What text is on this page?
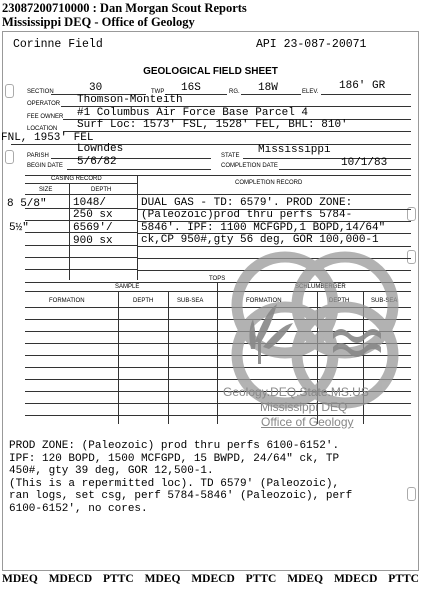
23087200710000 : Dan Morgan Scout Reports
Mississippi DEQ - Office of Geology
Corinne Field	API 23-087-20071
GEOLOGICAL FIELD SHEET
SECTION	30	TWP 16S	RG. 18W	ELEV. 186' GR
OPERATOR Thomson-Monteith
FEE OWNER #1 Columbus Air Force Base Parcel 4
LOCATION Surf Loc: 1573' FSL, 1528' FEL, BHL: 810'
FNL, 1953' FEL
PARISH
Lowndes
STATE Mississippi
BEGIN DATE 5/6/82	COMPLETION DATE	10/1/83
CASING RECORD
COMPLETION RECORD
SIZE	DEPTH
8 5/8" 1048/
250 sx
5½"	6569'/
900 sx
DUAL GAS - TD: 6579'. PROD ZONE:
(Paleozoic)prod thru perfs 5784-
5846'. IPF: 1100 MCFGPD,1 BOPD,14/64"
ck,CP 950#,gty 56 deg, GOR 100,000-1
TOPS
SAMPLE	SCHLUMBERGER
FORMATION	DEPTH	SUB-SEA	FORMATION	DEPTH	SUB-SEA
Geology.DEQ.State.MS.US
Mississippi DEQ
Office of Geology
PROD ZONE: (Paleozoic) prod thru perfs 6100-6152'.
IPF: 120 BOPD, 1500 MCFGPD, 15 BWPD, 24/64" ck, TP
450#, gty 39 deg, GOR 12,500-1.
(This is a repermitted loc). TD 6579' (Paleozoic),
ran logs, set csg, perf 5784-5846' (Paleozoic), perf
6100-6152', no cores.
MDEQ MDECD PTTC MDEQ MDECD PTTC MDEQ MDECD PTTC
